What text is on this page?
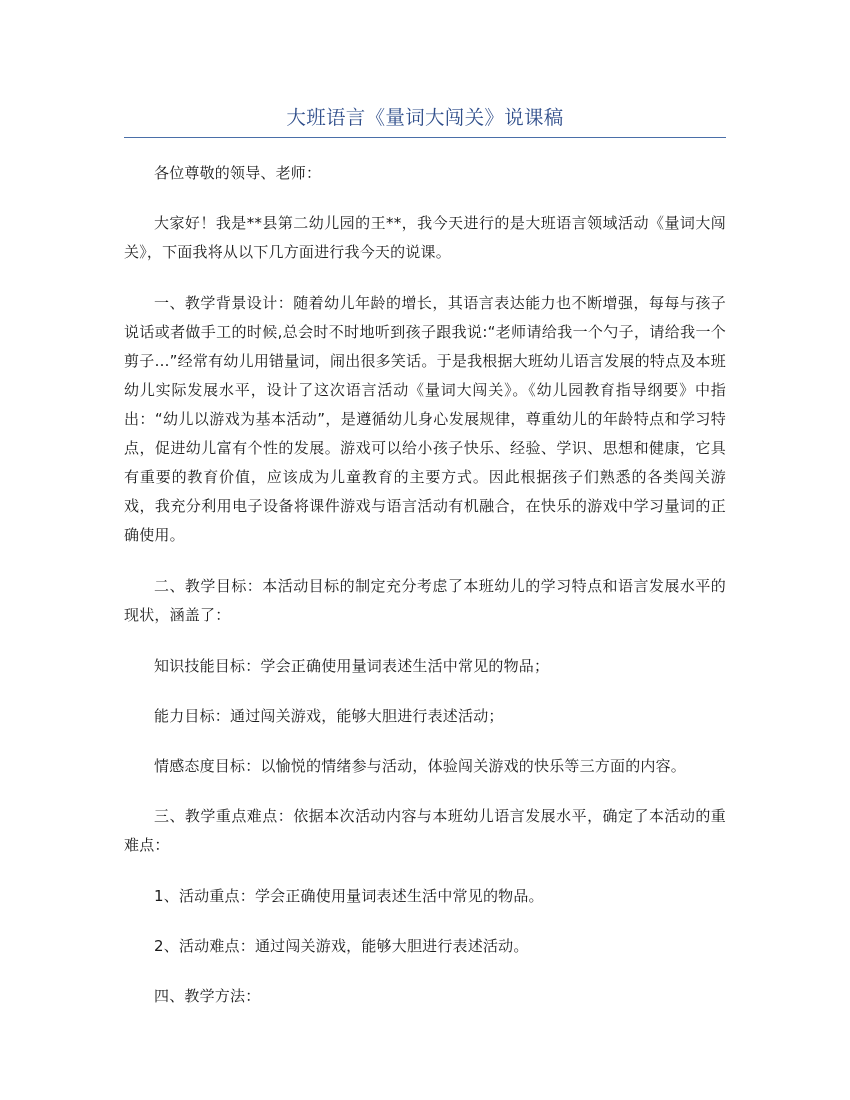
大班语言《量词大闯关》说课稿

各位尊敬的领导、老师：

大家好！我是**县第二幼儿园的王**，我今天进行的是大班语言领域活动《量词大闯关》，下面我将从以下几方面进行我今天的说课。

一、教学背景设计：随着幼儿年龄的增长，其语言表达能力也不断增强，每每与孩子说话或者做手工的时候,总会时不时地听到孩子跟我说:“老师请给我一个勺子，请给我一个剪子…”经常有幼儿用错量词，闹出很多笑话。于是我根据大班幼儿语言发展的特点及本班幼儿实际发展水平，设计了这次语言活动《量词大闯关》。《幼儿园教育指导纲要》中指出：“幼儿以游戏为基本活动”，是遵循幼儿身心发展规律，尊重幼儿的年龄特点和学习特点，促进幼儿富有个性的发展。游戏可以给小孩子快乐、经验、学识、思想和健康，它具有重要的教育价值，应该成为儿童教育的主要方式。因此根据孩子们熟悉的各类闯关游戏，我充分利用电子设备将课件游戏与语言活动有机融合，在快乐的游戏中学习量词的正确使用。

二、教学目标：本活动目标的制定充分考虑了本班幼儿的学习特点和语言发展水平的现状，涵盖了：

知识技能目标：学会正确使用量词表述生活中常见的物品；

能力目标：通过闯关游戏，能够大胆进行表述活动；

情感态度目标：以愉悦的情绪参与活动，体验闯关游戏的快乐等三方面的内容。

三、教学重点难点：依据本次活动内容与本班幼儿语言发展水平，确定了本活动的重难点：

1、活动重点：学会正确使用量词表述生活中常见的物品。

2、活动难点：通过闯关游戏，能够大胆进行表述活动。

四、教学方法：
